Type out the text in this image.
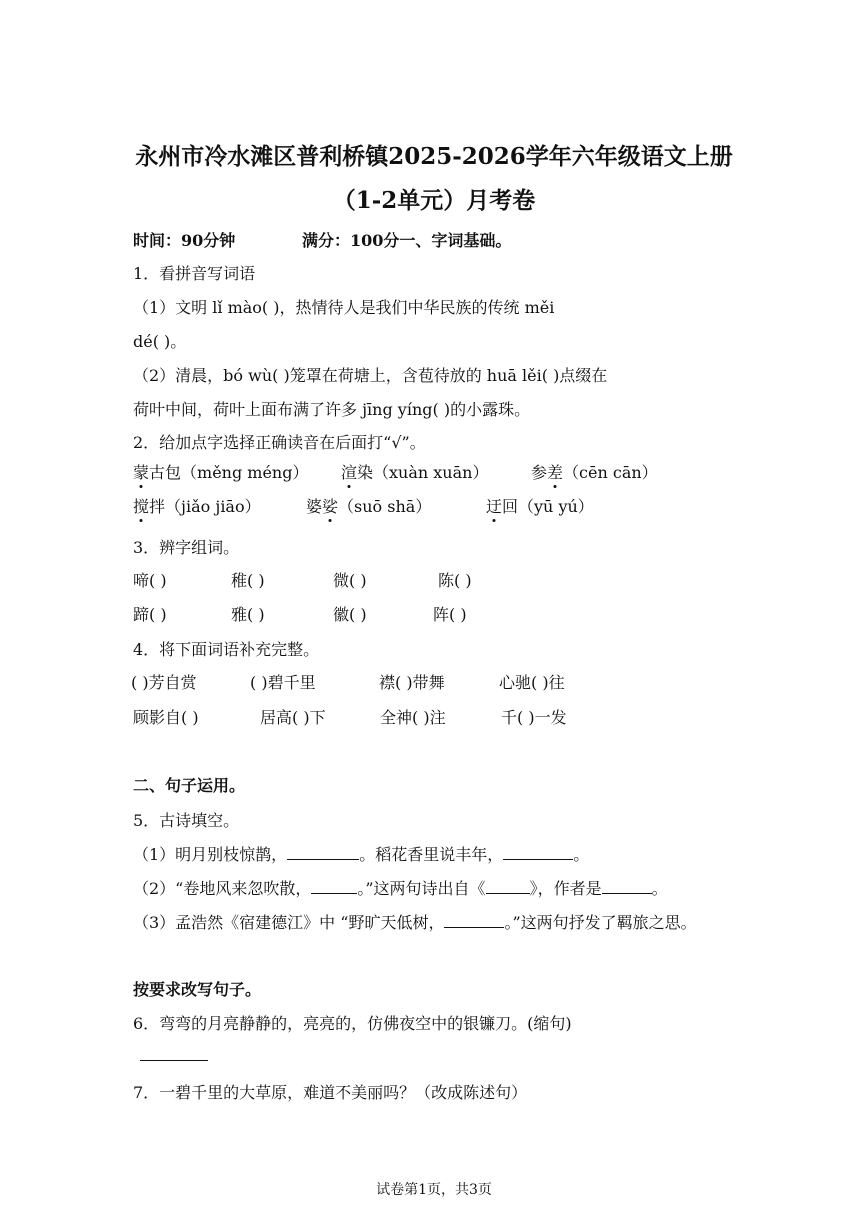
永州市冷水滩区普利桥镇2025-2026学年六年级语文上册
（1-2单元）月考卷
时间：90分钟	满分：100分一、字词基础。
1．看拼音写词语
（1）文明 lǐ mào( )，热情待人是我们中华民族的传统 měi
dé( )。
（2）清晨，bó wù( )笼罩在荷塘上，含苞待放的 huā lěi( )点缀在
荷叶中间，荷叶上面布满了许多 jīng yíng( )的小露珠。
2．给加点字选择正确读音在后面打“√”。
蒙古包（měng méng） 渲染（xuàn xuān）	参差（cēn cān）
搅拌（jiǎo jiāo）	婆娑（suō shā）	迂回（yū yú）
3．辨字组词。
啼( )	稚( )	微( )	陈( )
蹄( )	雅( )	徽( )	阵( )
4．将下面词语补充完整。
( )芳自赏	( )碧千里	襟( )带舞	心驰( )往
顾影自( )	居高( )下	全神( )注	千( )一发
二、句子运用。
5．古诗填空。
（1）明月别枝惊鹊，	。稻花香里说丰年，	。
（2）“卷地风来忽吹散，	。”这两句诗出自《	》，作者是	。
（3）孟浩然《宿建德江》中 “野旷天低树，	。”这两句抒发了羁旅之思。
按要求改写句子。
6．弯弯的月亮静静的，亮亮的，仿佛夜空中的银镰刀。(缩句)
7．一碧千里的大草原，难道不美丽吗？（改成陈述句）
试卷第1页，共3页
